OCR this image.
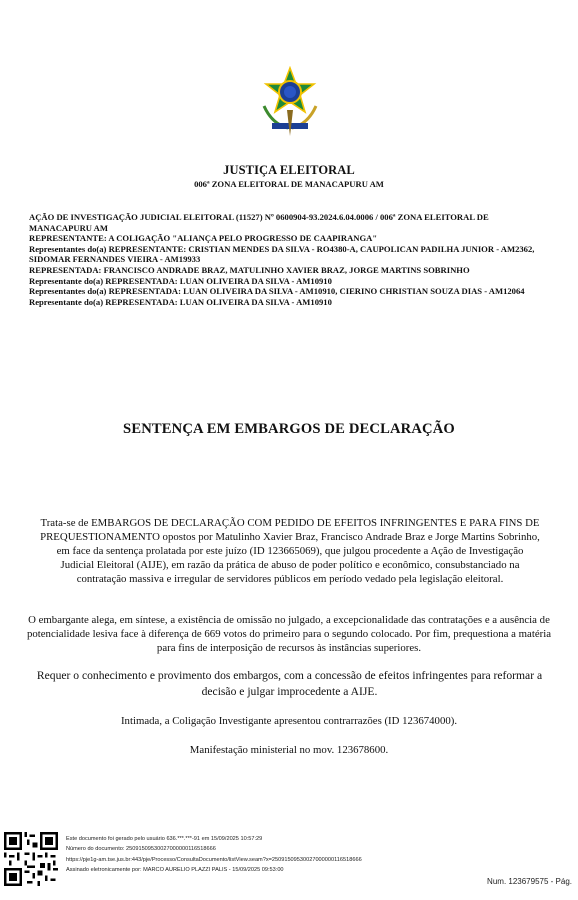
JUSTIÇA ELEITORAL
006ª ZONA ELEITORAL DE MANACAPURU AM

AÇÃO DE INVESTIGAÇÃO JUDICIAL ELEITORAL (11527) Nº 0600904-93.2024.6.04.0006 / 006ª ZONA ELEITORAL DE MANACAPURU AM

REPRESENTANTE: A COLIGAÇÃO "ALIANÇA PELO PROGRESSO DE CAAPIRANGA"

Representantes do(a) REPRESENTANTE: CRISTIAN MENDES DA SILVA - RO4380-A, CAUPOLICAN PADILHA JUNIOR - AM2362, SIDOMAR FERNANDES VIEIRA - AM19933

REPRESENTADA: FRANCISCO ANDRADE BRAZ, MATULINHO XAVIER BRAZ, JORGE MARTINS SOBRINHO

Representante do(a) REPRESENTADA: LUAN OLIVEIRA DA SILVA - AM10910

Representantes do(a) REPRESENTADA: LUAN OLIVEIRA DA SILVA - AM10910, CIERINO CHRISTIAN SOUZA DIAS - AM12064

Representante do(a) REPRESENTADA: LUAN OLIVEIRA DA SILVA - AM10910

SENTENÇA EM EMBARGOS DE DECLARAÇÃO
Trata-se de EMBARGOS DE DECLARAÇÃO COM PEDIDO DE EFEITOS INFRINGENTES E PARA FINS DE PREQUESTIONAMENTO opostos por Matulinho Xavier Braz, Francisco Andrade Braz e Jorge Martins Sobrinho, em face da sentença prolatada por este juízo (ID 123665069), que julgou procedente a Ação de Investigação Judicial Eleitoral (AIJE), em razão da prática de abuso de poder político e econômico, consubstanciado na contratação massiva e irregular de servidores públicos em período vedado pela legislação eleitoral.
O embargante alega, em síntese, a existência de omissão no julgado, a excepcionalidade das contratações e a ausência de potencialidade lesiva face à diferença de 669 votos do primeiro para o segundo colocado. Por fim, prequestiona a matéria para fins de interposição de recursos às instâncias superiores.
Requer o conhecimento e provimento dos embargos, com a concessão de efeitos infringentes para reformar a decisão e julgar improcedente a AIJE.
Intimada, a Coligação Investigante apresentou contrarrazões (ID 123674000).
Manifestação ministerial no mov. 123678600.

Este documento foi gerado pelo usuário 636.***.***-91 em 15/09/2025 10:57:29

Número do documento: 25091509530027000000116518666

https://pje1g-am.tse.jus.br:443/pje/Processo/ConsultaDocumento/listView.seam?x=25091509530027000000116518666

Assinado eletronicamente por: MARCO AURELIO PLAZZI PALIS - 15/09/2025 09:53:00

Num. 123679575 - Pág.
